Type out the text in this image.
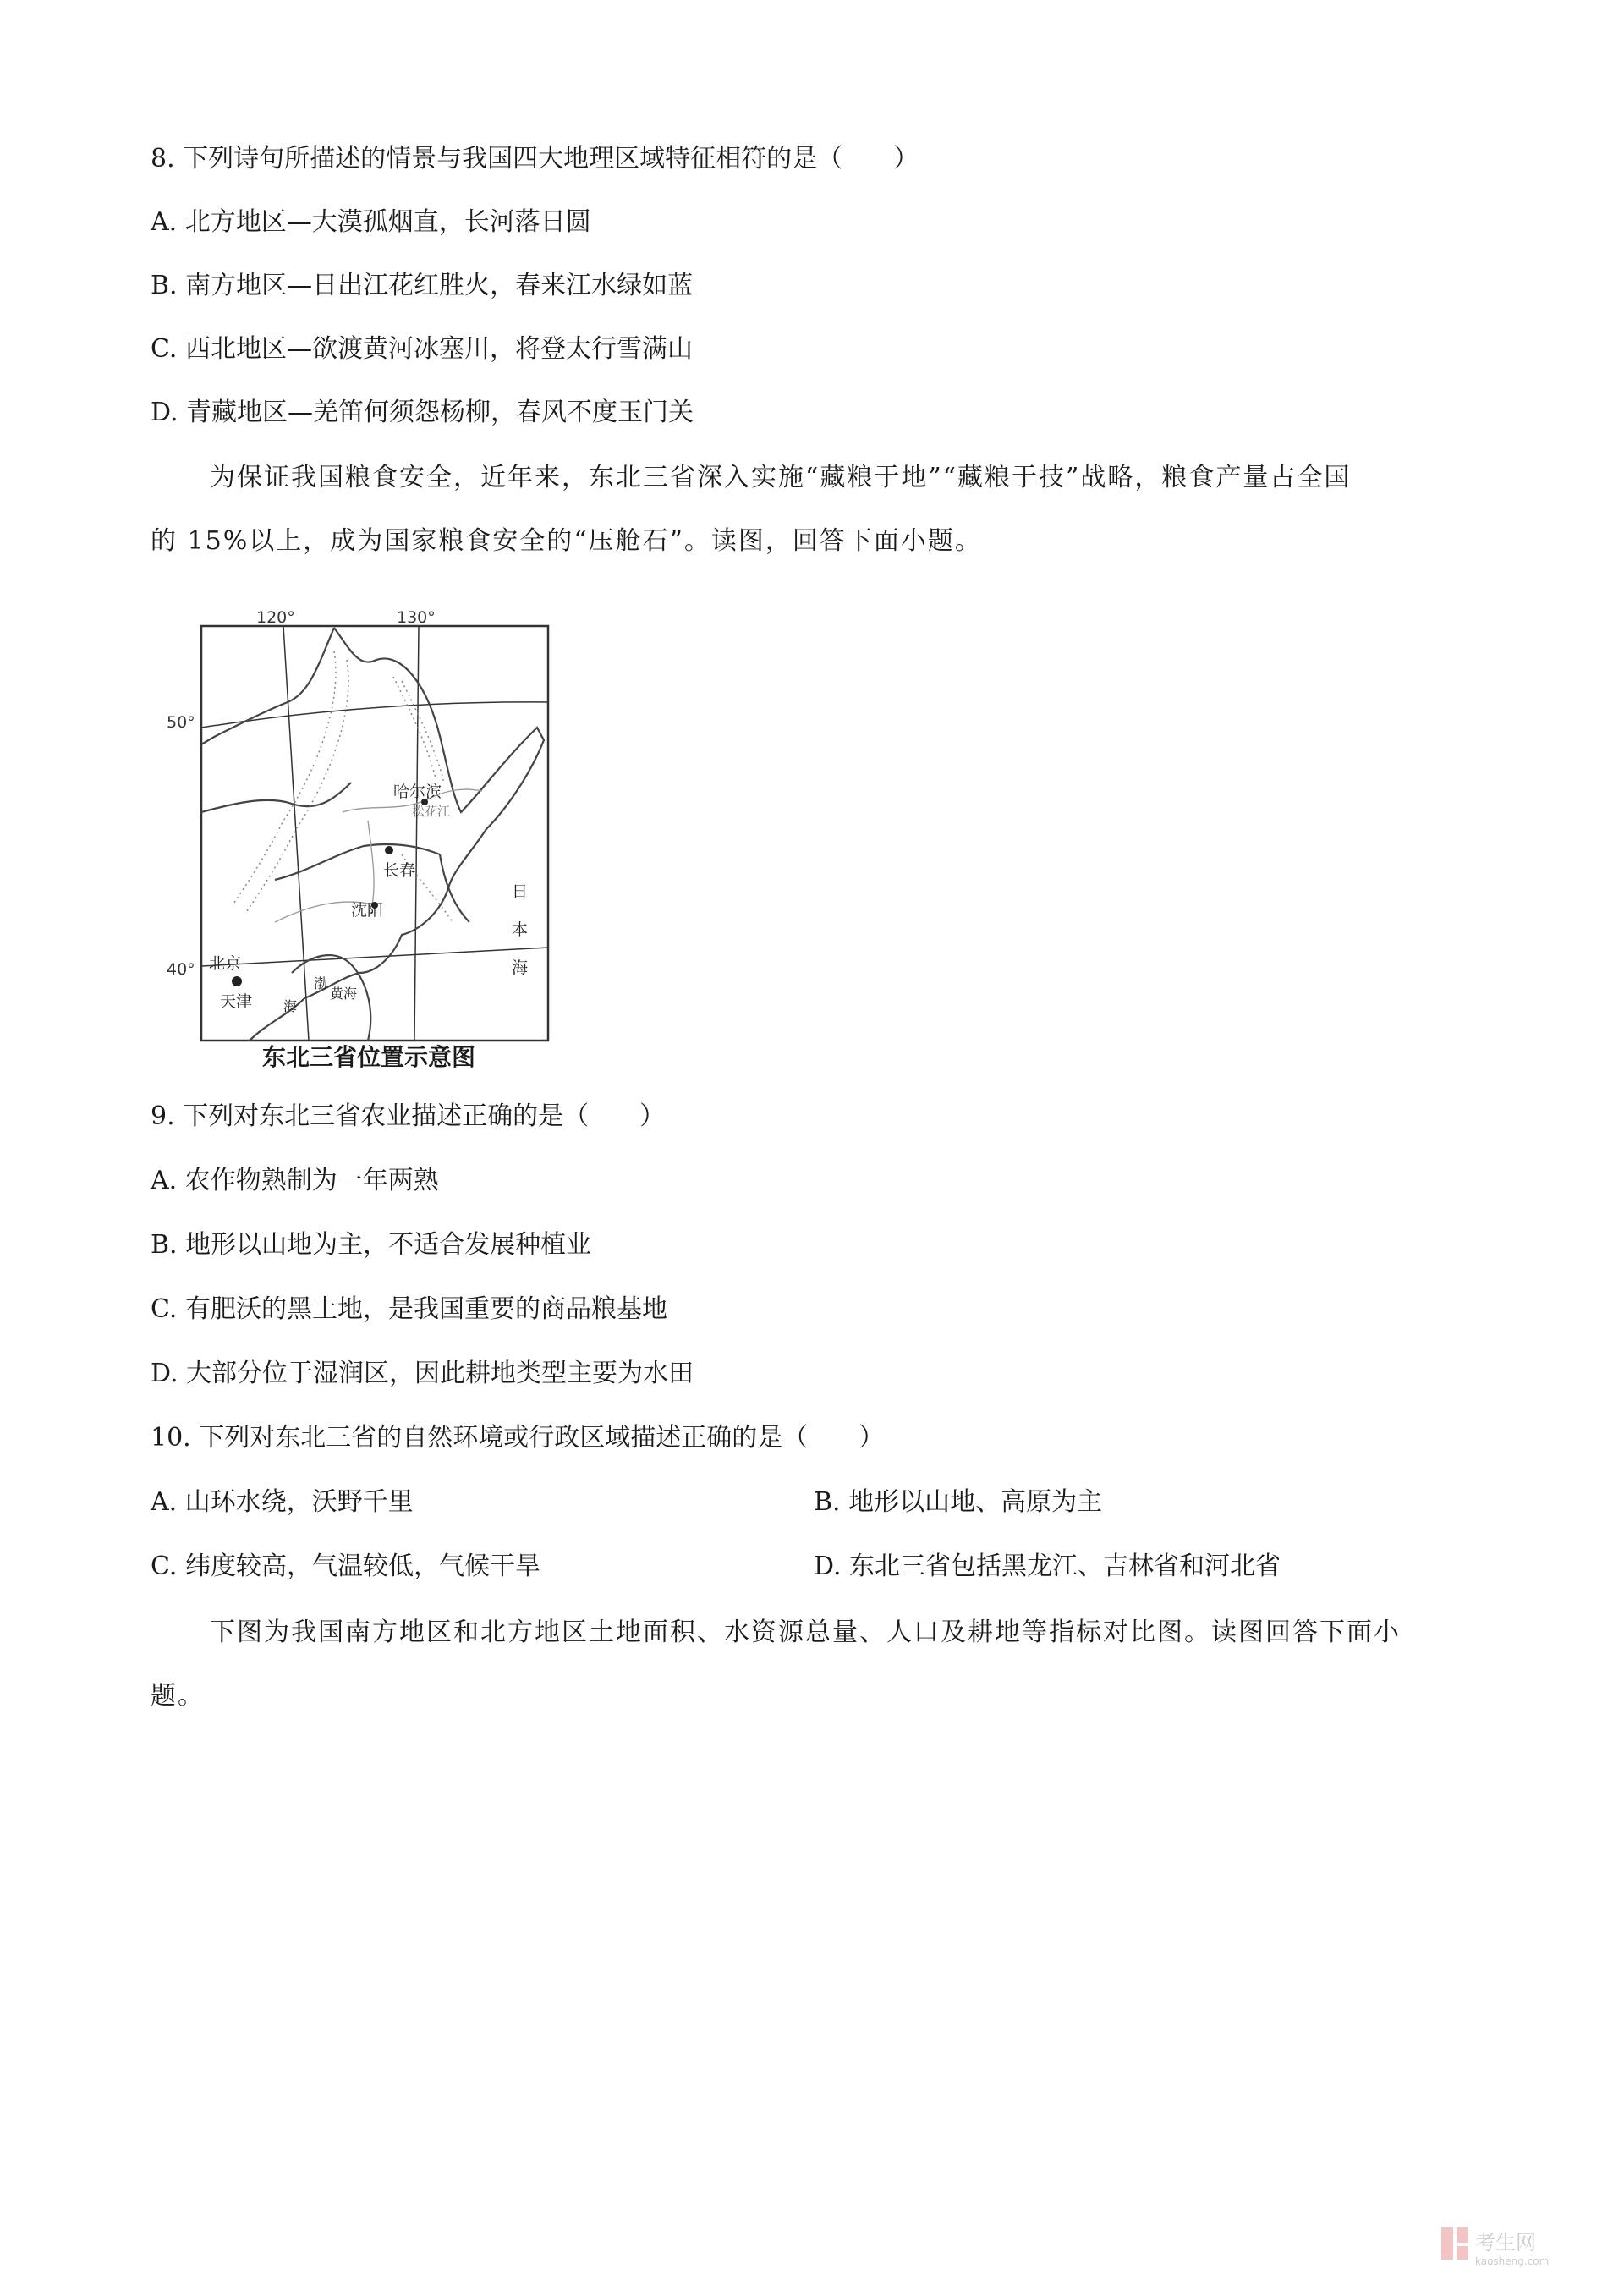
8. 下列诗句所描述的情景与我国四大地理区域特征相符的是（　　）
A. 北方地区—大漠孤烟直，长河落日圆
B. 南方地区—日出江花红胜火，春来江水绿如蓝
C. 西北地区—欲渡黄河冰塞川，将登太行雪满山
D. 青藏地区—羌笛何须怨杨柳，春风不度玉门关
为保证我国粮食安全，近年来，东北三省深入实施“藏粮于地”“藏粮于技”战略，粮食产量占全国
的 15%以上，成为国家粮食安全的“压舱石”。读图，回答下面小题。
120°	130°
50°
40°
哈尔滨
长春
沈阳
北京
天津
松花江
日
本
海
渤
海
黄海
东北三省位置示意图
9. 下列对东北三省农业描述正确的是（　　）
A. 农作物熟制为一年两熟
B. 地形以山地为主，不适合发展种植业
C. 有肥沃的黑土地，是我国重要的商品粮基地
D. 大部分位于湿润区，因此耕地类型主要为水田
10. 下列对东北三省的自然环境或行政区域描述正确的是（　　）
A. 山环水绕，沃野千里	B. 地形以山地、高原为主
C. 纬度较高，气温较低，气候干旱	D. 东北三省包括黑龙江、吉林省和河北省
下图为我国南方地区和北方地区土地面积、水资源总量、人口及耕地等指标对比图。读图回答下面小
题。
考生网
kaosheng.com
